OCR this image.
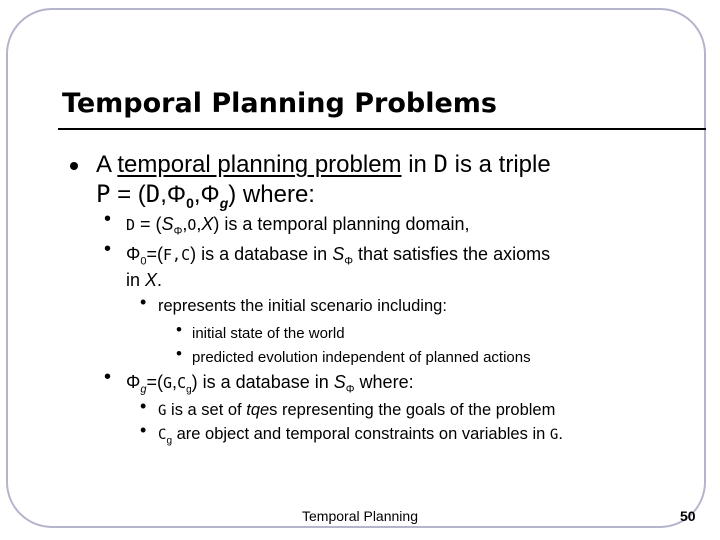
Temporal Planning Problems
A temporal planning problem in D is a triple
$P = (D,\Phi_0,\Phi_g)$ where:
• $D = (S_\Phi,O,X)$ is a temporal planning domain,
• $\Phi_0=(F,C)$ is a database in $S_\Phi$ that satisfies the axioms
in X.
• represents the initial scenario including:
• initial state of the world
• predicted evolution independent of planned actions
• $\Phi_g=(G,C_g)$ is a database in $S_\Phi$ where:
• G is a set of tqes representing the goals of the problem
• $C_g$ are object and temporal constraints on variables in G.
Temporal Planning	50
